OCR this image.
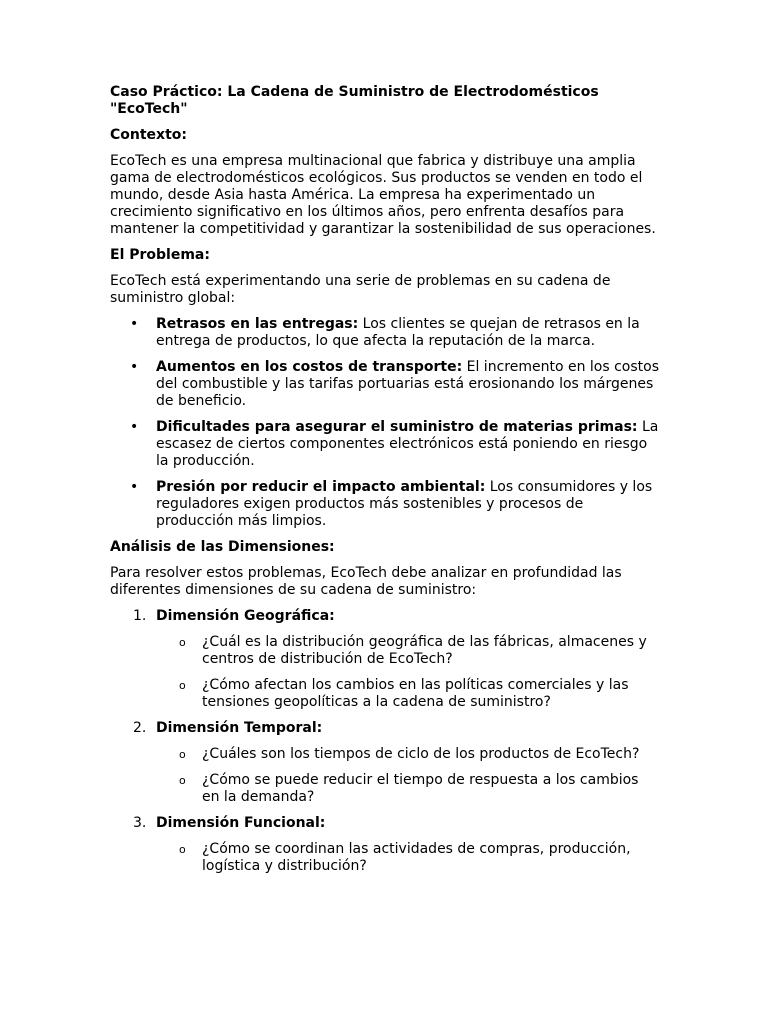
Caso Práctico: La Cadena de Suministro de Electrodomésticos "EcoTech"

Contexto:

EcoTech es una empresa multinacional que fabrica y distribuye una amplia gama de electrodomésticos ecológicos. Sus productos se venden en todo el mundo, desde Asia hasta América. La empresa ha experimentado un crecimiento significativo en los últimos años, pero enfrenta desafíos para mantener la competitividad y garantizar la sostenibilidad de sus operaciones.

El Problema:

EcoTech está experimentando una serie de problemas en su cadena de suministro global:

• Retrasos en las entregas: Los clientes se quejan de retrasos en la entrega de productos, lo que afecta la reputación de la marca.
• Aumentos en los costos de transporte: El incremento en los costos del combustible y las tarifas portuarias está erosionando los márgenes de beneficio.
• Dificultades para asegurar el suministro de materias primas: La escasez de ciertos componentes electrónicos está poniendo en riesgo la producción.
• Presión por reducir el impacto ambiental: Los consumidores y los reguladores exigen productos más sostenibles y procesos de producción más limpios.

Análisis de las Dimensiones:

Para resolver estos problemas, EcoTech debe analizar en profundidad las diferentes dimensiones de su cadena de suministro:

1. Dimensión Geográfica:
o ¿Cuál es la distribución geográfica de las fábricas, almacenes y centros de distribución de EcoTech?
o ¿Cómo afectan los cambios en las políticas comerciales y las tensiones geopolíticas a la cadena de suministro?
2. Dimensión Temporal:
o ¿Cuáles son los tiempos de ciclo de los productos de EcoTech?
o ¿Cómo se puede reducir el tiempo de respuesta a los cambios en la demanda?
3. Dimensión Funcional:
o ¿Cómo se coordinan las actividades de compras, producción, logística y distribución?
